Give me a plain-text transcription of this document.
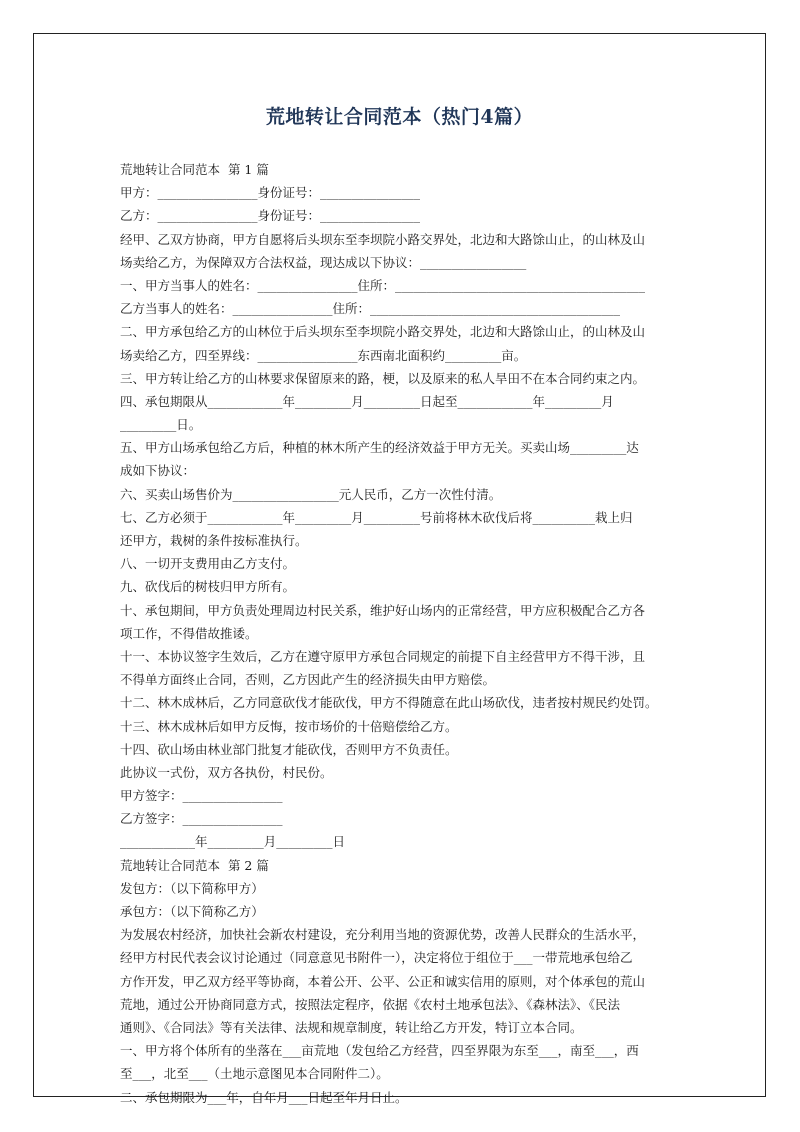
荒地转让合同范本（热门4篇）
荒地转让合同范本  第 1 篇
甲方：________________身份证号：________________
乙方：________________身份证号：________________
经甲、乙双方协商，甲方自愿将后头坝东至李坝院小路交界处，北边和大路馀山止，的山林及山
场卖给乙方，为保障双方合法权益，现达成以下协议：_________________
一、甲方当事人的姓名：________________住所：________________________________________
乙方当事人的姓名：________________住所：________________________________________
二、甲方承包给乙方的山林位于后头坝东至李坝院小路交界处，北边和大路馀山止，的山林及山
场卖给乙方，四至界线：________________东西南北面积约_________亩。
三、甲方转让给乙方的山林要求保留原来的路，梗，以及原来的私人旱田不在本合同约束之内。
四、承包期限从____________年_________月_________日起至____________年_________月
_________日。
五、甲方山场承包给乙方后，种植的林木所产生的经济效益于甲方无关。买卖山场_________达
成如下协议：
六、买卖山场售价为_________________元人民币，乙方一次性付清。
七、乙方必须于____________年_________月_________号前将林木砍伐后将__________栽上归
还甲方，栽树的条件按标准执行。
八、一切开支费用由乙方支付。
九、砍伐后的树枝归甲方所有。
十、承包期间，甲方负责处理周边村民关系，维护好山场内的正常经营，甲方应积极配合乙方各
项工作，不得借故推诿。
十一、本协议签字生效后，乙方在遵守原甲方承包合同规定的前提下自主经营甲方不得干涉，且
不得单方面终止合同，否则，乙方因此产生的经济损失由甲方赔偿。
十二、林木成林后，乙方同意砍伐才能砍伐，甲方不得随意在此山场砍伐，违者按村规民约处罚。
十三、林木成林后如甲方反悔，按市场价的十倍赔偿给乙方。
十四、砍山场由林业部门批复才能砍伐，否则甲方不负责任。
此协议一式份，双方各执份，村民份。
甲方签字：________________
乙方签字：________________
____________年_________月_________日
荒地转让合同范本  第 2 篇
发包方：（以下简称甲方）
承包方：（以下简称乙方）
为发展农村经济，加快社会新农村建设，充分利用当地的资源优势，改善人民群众的生活水平，
经甲方村民代表会议讨论通过（同意意见书附件一），决定将位于组位于___一带荒地承包给乙
方作开发，甲乙双方经平等协商，本着公开、公平、公正和诚实信用的原则，对个体承包的荒山
荒地，通过公开协商同意方式，按照法定程序，依据《农村土地承包法》、《森林法》、《民法
通则》、《合同法》等有关法律、法规和规章制度，转让给乙方开发，特订立本合同。
一、甲方将个体所有的坐落在___亩荒地（发包给乙方经营，四至界限为东至___，南至___，西
至___，北至___（土地示意图见本合同附件二）。
二、承包期限为___年，自年月___日起至年月日止。
